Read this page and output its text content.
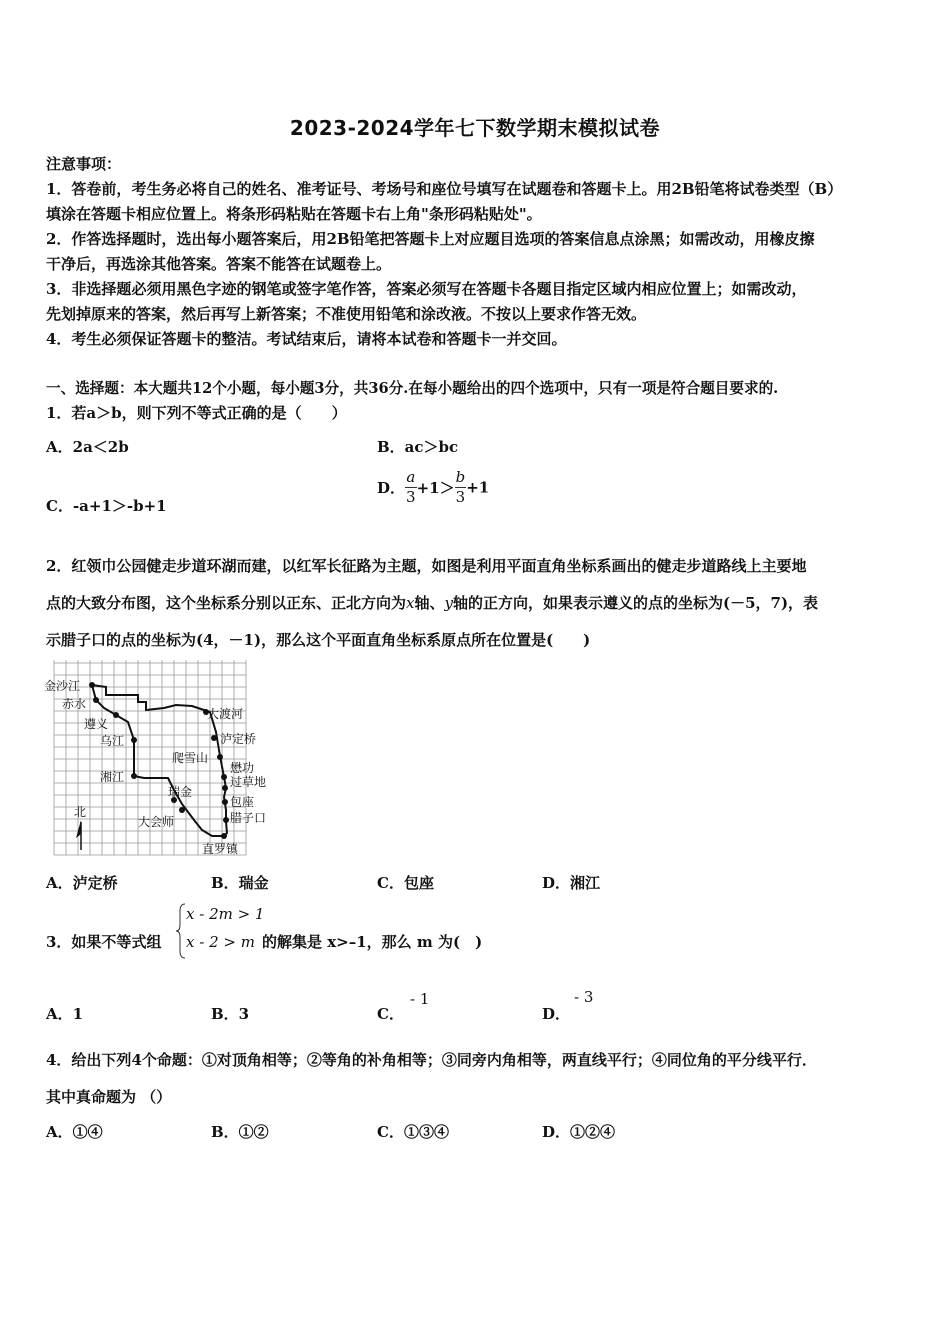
2023-2024学年七下数学期末模拟试卷
注意事项：
1．答卷前，考生务必将自己的姓名、准考证号、考场号和座位号填写在试题卷和答题卡上。用2B铅笔将试卷类型（B）
填涂在答题卡相应位置上。将条形码粘贴在答题卡右上角"条形码粘贴处"。
2．作答选择题时，选出每小题答案后，用2B铅笔把答题卡上对应题目选项的答案信息点涂黑；如需改动，用橡皮擦
干净后，再选涂其他答案。答案不能答在试题卷上。
3．非选择题必须用黑色字迹的钢笔或签字笔作答，答案必须写在答题卡各题目指定区域内相应位置上；如需改动，
先划掉原来的答案，然后再写上新答案；不准使用铅笔和涂改液。不按以上要求作答无效。
4．考生必须保证答题卡的整洁。考试结束后，请将本试卷和答题卡一并交回。
一、选择题：本大题共12个小题，每小题3分，共36分.在每小题给出的四个选项中，只有一项是符合题目要求的.
1．若a＞b，则下列不等式正确的是（　　）
A．2a＜2b	B．ac＞bc
C．-a+1＞-b+1
D． $\frac{a}{3} +1> \frac{b}{3} +1$
2．红领巾公园健走步道环湖而建，以红军长征路为主题，如图是利用平面直角坐标系画出的健走步道路线上主要地
点的大致分布图，这个坐标系分别以正东、正北方向为x轴、y轴的正方向，如果表示遵义的点的坐标为(－5，7)，表
示腊子口的点的坐标为(4，－1)，那么这个平面直角坐标系原点所在位置是(　　)
金沙江
赤水
遵义
乌江
湘江
大渡河
泸定桥
爬雪山
懋功
过草地
包座
腊子口
瑞金
大会师
直罗镇
北
A．泸定桥	B．瑞金	C．包座	D．湘江
3．如果不等式组
x - 2m > 1
x - 2 > m 的解集是 x>–1，那么 m 为(　)
A．1	B．3	C．
- 1
D．
- 3
4．给出下列4个命题：①对顶角相等；②等角的补角相等；③同旁内角相等，两直线平行；④同位角的平分线平行．
其中真命题为 （）
A．①④	B．①②	C．①③④	D．①②④
